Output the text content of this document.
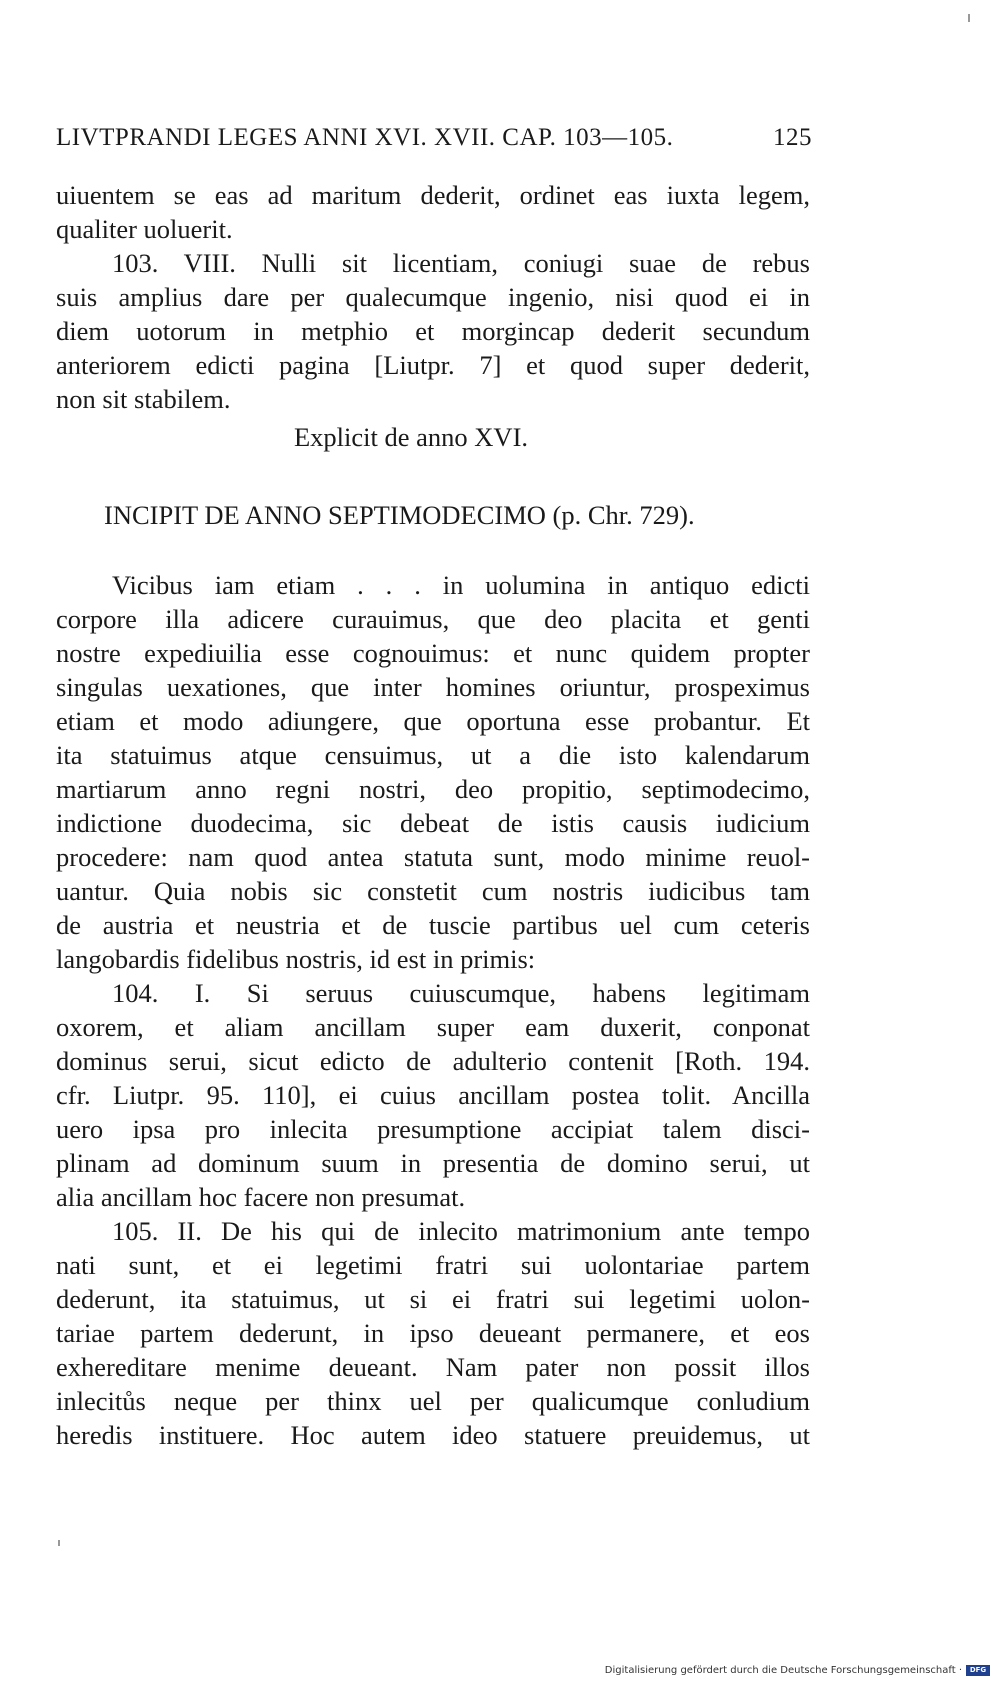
LIVTPRANDI LEGES ANNI XVI. XVII. CAP. 103—105.	125
uiuentem se eas ad maritum dederit, ordinet eas iuxta legem,
qualiter uoluerit.
103. VIII. Nulli sit licentiam, coniugi suae de rebus
suis amplius dare per qualecumque ingenio, nisi quod ei in
diem uotorum in metphio et morgincap dederit secundum
anteriorem edicti pagina [Liutpr. 7] et quod super dederit,
non sit stabilem.
Explicit de anno XVI.
INCIPIT DE ANNO SEPTIMODECIMO (p. Chr. 729).
Vicibus iam etiam . . . in uolumina in antiquo edicti
corpore illa adicere curauimus, que deo placita et genti
nostre expediuilia esse cognouimus: et nunc quidem propter
singulas uexationes, que inter homines oriuntur, prospeximus
etiam et modo adiungere, que oportuna esse probantur. Et
ita statuimus atque censuimus, ut a die isto kalendarum
martiarum anno regni nostri, deo propitio, septimodecimo,
indictione duodecima, sic debeat de istis causis iudicium
procedere: nam quod antea statuta sunt, modo minime reuol-
uantur. Quia nobis sic constetit cum nostris iudicibus tam
de austria et neustria et de tuscie partibus uel cum ceteris
langobardis fidelibus nostris, id est in primis:
104. I. Si seruus cuiuscumque, habens legitimam
oxorem, et aliam ancillam super eam duxerit, conponat
dominus serui, sicut edicto de adulterio contenit [Roth. 194.
cfr. Liutpr. 95. 110], ei cuius ancillam postea tolit. Ancilla
uero ipsa pro inlecita presumptione accipiat talem disci-
plinam ad dominum suum in presentia de domino serui, ut
alia ancillam hoc facere non presumat.
105. II. De his qui de inlecito matrimonium ante tempo
nati sunt, et ei legetimi fratri sui uolontariae partem
dederunt, ita statuimus, ut si ei fratri sui legetimi uolon-
tariae partem dederunt, in ipso deueant permanere, et eos
exhereditare menime deueant. Nam pater non possit illos
inlecitůs neque per thinx uel per qualicumque conludium
heredis instituere. Hoc autem ideo statuere preuidemus, ut
Digitalisierung gefördert durch die Deutsche Forschungsgemeinschaft ·	DFG
